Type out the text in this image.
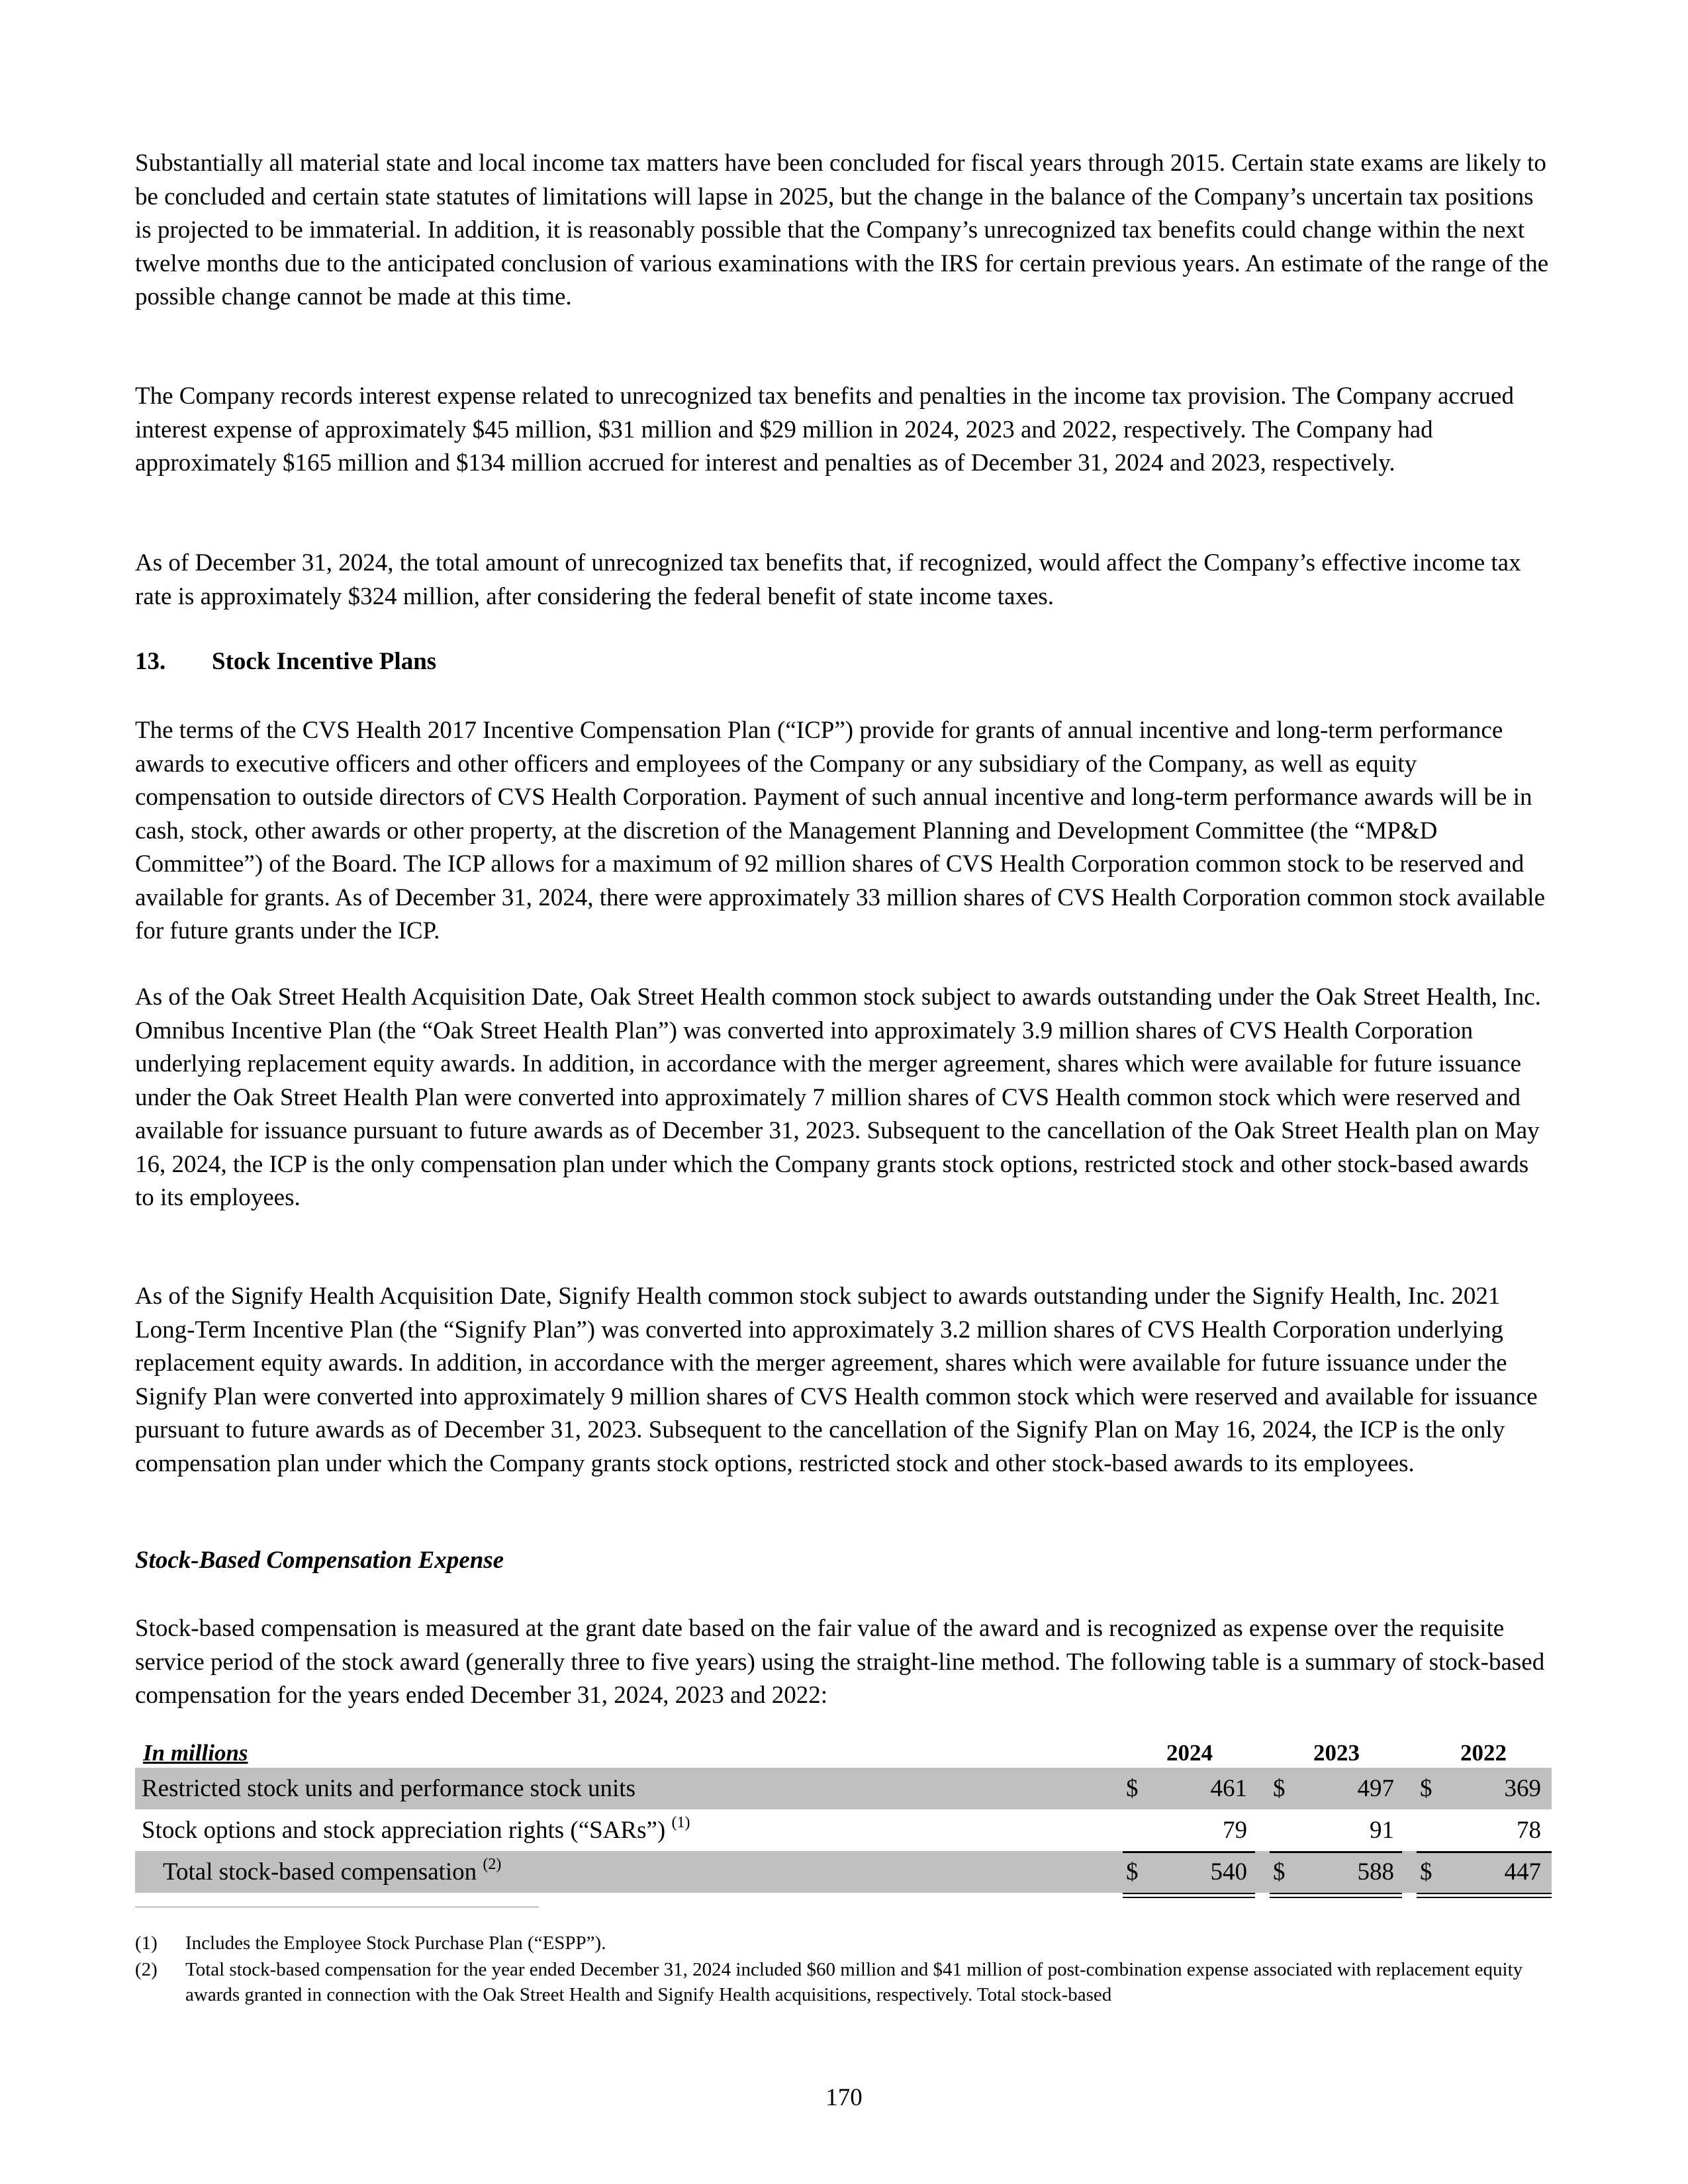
Substantially all material state and local income tax matters have been concluded for fiscal years through 2015. Certain state exams are likely to be concluded and certain state statutes of limitations will lapse in 2025, but the change in the balance of the Company’s uncertain tax positions is projected to be immaterial. In addition, it is reasonably possible that the Company’s unrecognized tax benefits could change within the next twelve months due to the anticipated conclusion of various examinations with the IRS for certain previous years. An estimate of the range of the possible change cannot be made at this time.

The Company records interest expense related to unrecognized tax benefits and penalties in the income tax provision. The Company accrued interest expense of approximately $45 million, $31 million and $29 million in 2024, 2023 and 2022, respectively. The Company had approximately $165 million and $134 million accrued for interest and penalties as of December 31, 2024 and 2023, respectively.

As of December 31, 2024, the total amount of unrecognized tax benefits that, if recognized, would affect the Company’s effective income tax rate is approximately $324 million, after considering the federal benefit of state income taxes.

13. Stock Incentive Plans

The terms of the CVS Health 2017 Incentive Compensation Plan (“ICP”) provide for grants of annual incentive and long-term performance awards to executive officers and other officers and employees of the Company or any subsidiary of the Company, as well as equity compensation to outside directors of CVS Health Corporation. Payment of such annual incentive and long-term performance awards will be in cash, stock, other awards or other property, at the discretion of the Management Planning and Development Committee (the “MP&D Committee”) of the Board. The ICP allows for a maximum of 92 million shares of CVS Health Corporation common stock to be reserved and available for grants. As of December 31, 2024, there were approximately 33 million shares of CVS Health Corporation common stock available for future grants under the ICP.

As of the Oak Street Health Acquisition Date, Oak Street Health common stock subject to awards outstanding under the Oak Street Health, Inc. Omnibus Incentive Plan (the “Oak Street Health Plan”) was converted into approximately 3.9 million shares of CVS Health Corporation underlying replacement equity awards. In addition, in accordance with the merger agreement, shares which were available for future issuance under the Oak Street Health Plan were converted into approximately 7 million shares of CVS Health common stock which were reserved and available for issuance pursuant to future awards as of December 31, 2023. Subsequent to the cancellation of the Oak Street Health plan on May 16, 2024, the ICP is the only compensation plan under which the Company grants stock options, restricted stock and other stock-based awards to its employees.

As of the Signify Health Acquisition Date, Signify Health common stock subject to awards outstanding under the Signify Health, Inc. 2021 Long-Term Incentive Plan (the “Signify Plan”) was converted into approximately 3.2 million shares of CVS Health Corporation underlying replacement equity awards. In addition, in accordance with the merger agreement, shares which were available for future issuance under the Signify Plan were converted into approximately 9 million shares of CVS Health common stock which were reserved and available for issuance pursuant to future awards as of December 31, 2023. Subsequent to the cancellation of the Signify Plan on May 16, 2024, the ICP is the only compensation plan under which the Company grants stock options, restricted stock and other stock-based awards to its employees.

Stock-Based Compensation Expense

Stock-based compensation is measured at the grant date based on the fair value of the award and is recognized as expense over the requisite service period of the stock award (generally three to five years) using the straight-line method. The following table is a summary of stock-based compensation for the years ended December 31, 2024, 2023 and 2022:

In millions	2024	2023	2022
Restricted stock units and performance stock units	$	461 $	497 $	369
Stock options and stock appreciation rights (“SARs”) $^{(1)}$	79	91	78
Total stock-based compensation $^{(2)}$	$	540 $	588 $	447
(1) Includes the Employee Stock Purchase Plan (“ESPP”).
(2) Total stock-based compensation for the year ended December 31, 2024 included $60 million and $41 million of post-combination expense associated with replacement equity awards granted in connection with the Oak Street Health and Signify Health acquisitions, respectively. Total stock-based
170
